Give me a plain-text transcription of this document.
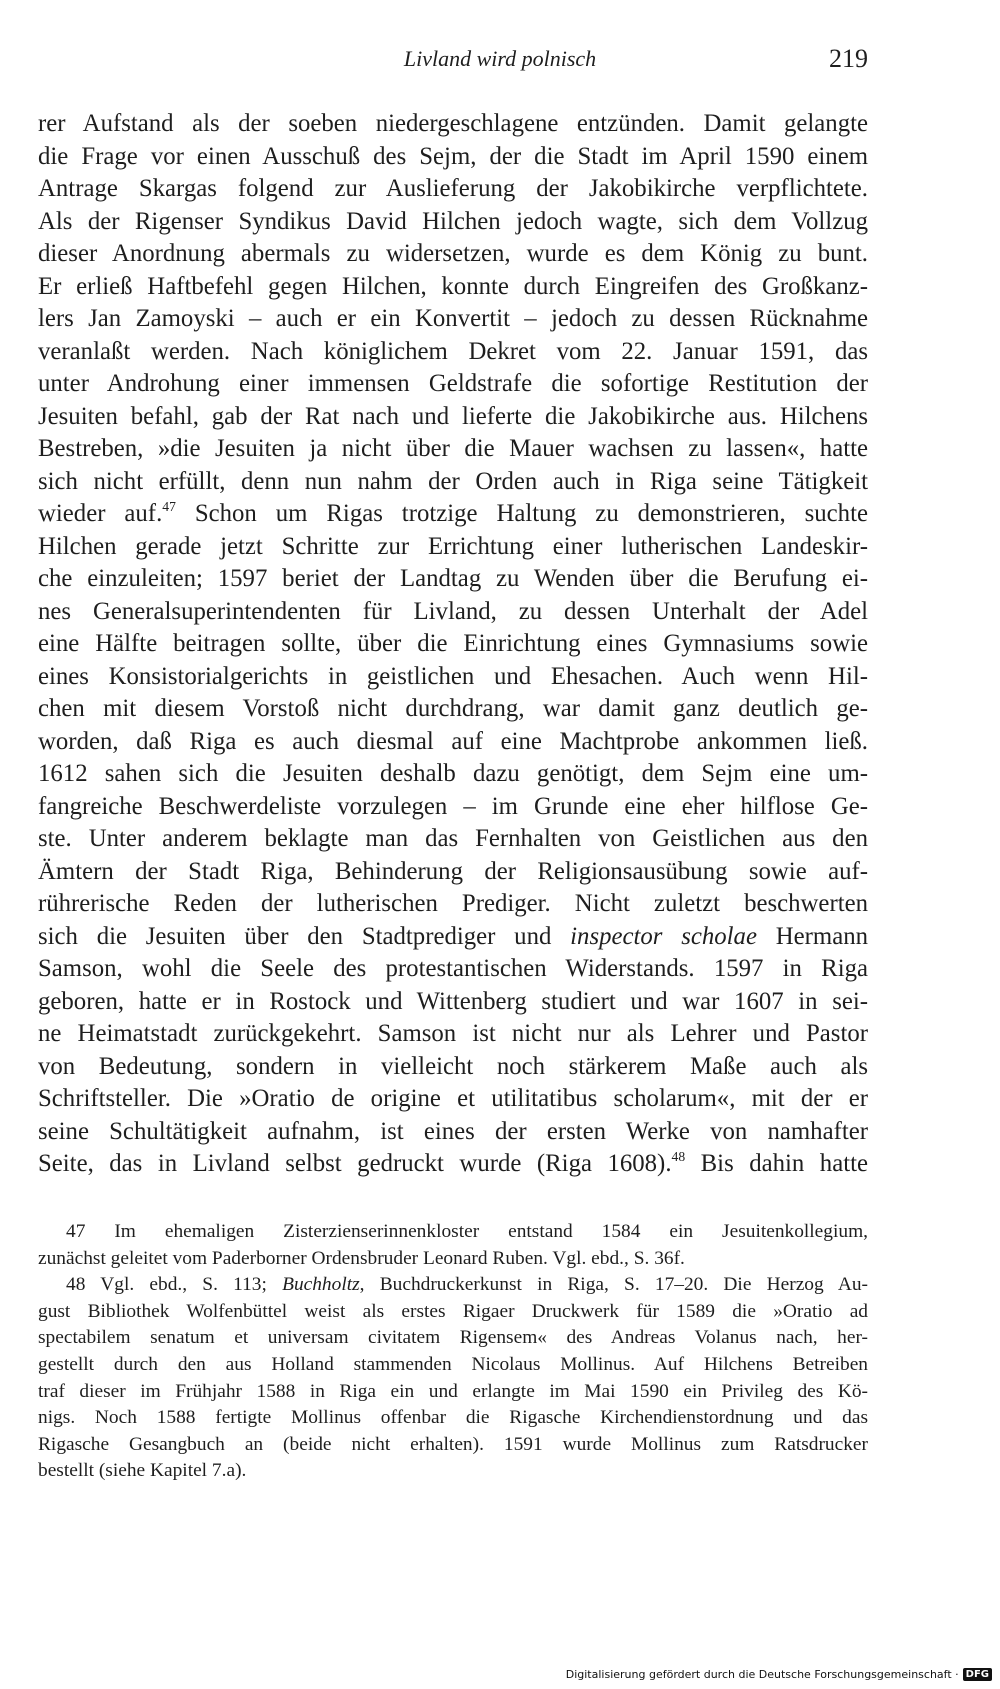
Livland wird polnisch	219
rer Aufstand als der soeben niedergeschlagene entzünden. Damit gelangte
die Frage vor einen Ausschuß des Sejm, der die Stadt im April 1590 einem
Antrage Skargas folgend zur Auslieferung der Jakobikirche verpflichtete.
Als der Rigenser Syndikus David Hilchen jedoch wagte, sich dem Vollzug
dieser Anordnung abermals zu widersetzen, wurde es dem König zu bunt.
Er erließ Haftbefehl gegen Hilchen, konnte durch Eingreifen des Großkanz-
lers Jan Zamoyski – auch er ein Konvertit – jedoch zu dessen Rücknahme
veranlaßt werden. Nach königlichem Dekret vom 22. Januar 1591, das
unter Androhung einer immensen Geldstrafe die sofortige Restitution der
Jesuiten befahl, gab der Rat nach und lieferte die Jakobikirche aus. Hilchens
Bestreben, »die Jesuiten ja nicht über die Mauer wachsen zu lassen«, hatte
sich nicht erfüllt, denn nun nahm der Orden auch in Riga seine Tätigkeit
wieder auf.$^{47}$ Schon um Rigas trotzige Haltung zu demonstrieren, suchte
Hilchen gerade jetzt Schritte zur Errichtung einer lutherischen Landeskir-
che einzuleiten; 1597 beriet der Landtag zu Wenden über die Berufung ei-
nes Generalsuperintendenten für Livland, zu dessen Unterhalt der Adel
eine Hälfte beitragen sollte, über die Einrichtung eines Gymnasiums sowie
eines Konsistorialgerichts in geistlichen und Ehesachen. Auch wenn Hil-
chen mit diesem Vorstoß nicht durchdrang, war damit ganz deutlich ge-
worden, daß Riga es auch diesmal auf eine Machtprobe ankommen ließ.
1612 sahen sich die Jesuiten deshalb dazu genötigt, dem Sejm eine um-
fangreiche Beschwerdeliste vorzulegen – im Grunde eine eher hilflose Ge-
ste. Unter anderem beklagte man das Fernhalten von Geistlichen aus den
Ämtern der Stadt Riga, Behinderung der Religionsausübung sowie auf-
rührerische Reden der lutherischen Prediger. Nicht zuletzt beschwerten
sich die Jesuiten über den Stadtprediger und inspector scholae Hermann
Samson, wohl die Seele des protestantischen Widerstands. 1597 in Riga
geboren, hatte er in Rostock und Wittenberg studiert und war 1607 in sei-
ne Heimatstadt zurückgekehrt. Samson ist nicht nur als Lehrer und Pastor
von Bedeutung, sondern in vielleicht noch stärkerem Maße auch als
Schriftsteller. Die »Oratio de origine et utilitatibus scholarum«, mit der er
seine Schultätigkeit aufnahm, ist eines der ersten Werke von namhafter
Seite, das in Livland selbst gedruckt wurde (Riga 1608).$^{48}$ Bis dahin hatte
47 Im ehemaligen Zisterzienserinnenkloster entstand 1584 ein Jesuitenkollegium,
zunächst geleitet vom Paderborner Ordensbruder Leonard Ruben. Vgl. ebd., S. 36f.
48 Vgl. ebd., S. 113; Buchholtz, Buchdruckerkunst in Riga, S. 17–20. Die Herzog Au-
gust Bibliothek Wolfenbüttel weist als erstes Rigaer Druckwerk für 1589 die »Oratio ad
spectabilem senatum et universam civitatem Rigensem« des Andreas Volanus nach, her-
gestellt durch den aus Holland stammenden Nicolaus Mollinus. Auf Hilchens Betreiben
traf dieser im Frühjahr 1588 in Riga ein und erlangte im Mai 1590 ein Privileg des Kö-
nigs. Noch 1588 fertigte Mollinus offenbar die Rigasche Kirchendienstordnung und das
Rigasche Gesangbuch an (beide nicht erhalten). 1591 wurde Mollinus zum Ratsdrucker
bestellt (siehe Kapitel 7.a).
Digitalisierung gefördert durch die Deutsche Forschungsgemeinschaft · DFG
